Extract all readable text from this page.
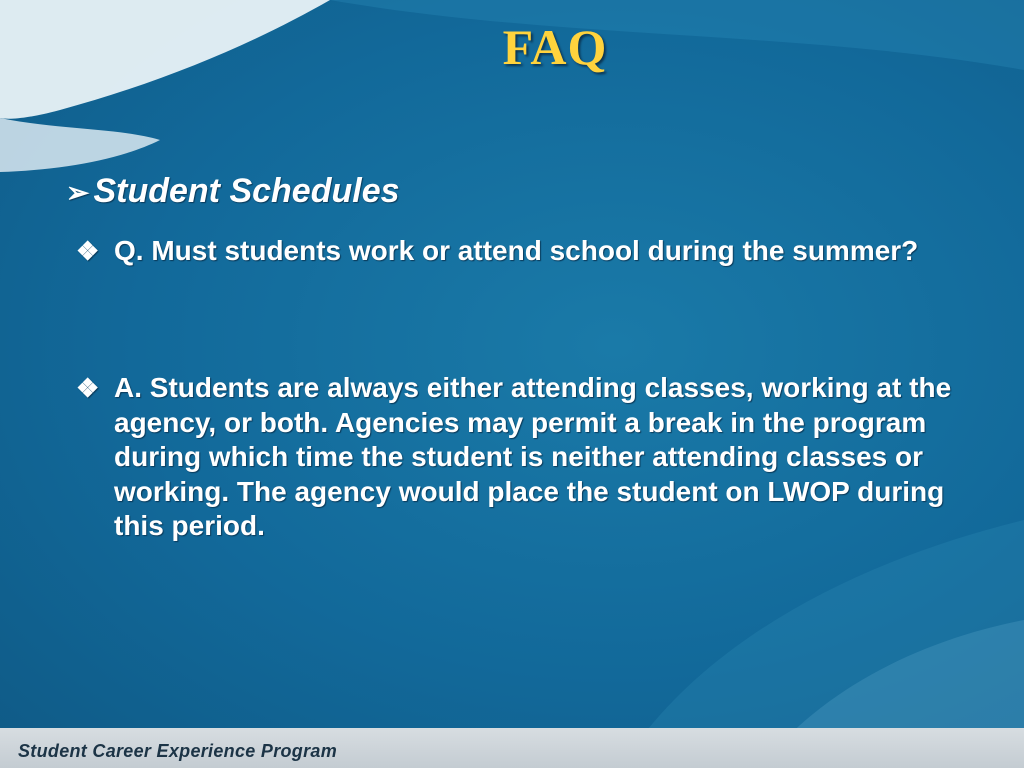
FAQ
➢ Student Schedules
❖ Q. Must students work or attend school during the summer?
❖ A. Students are always either attending classes, working at the agency, or both. Agencies may permit a break in the program during which time the student is neither attending classes or working. The agency would place the student on LWOP during this period.
Student Career Experience Program
